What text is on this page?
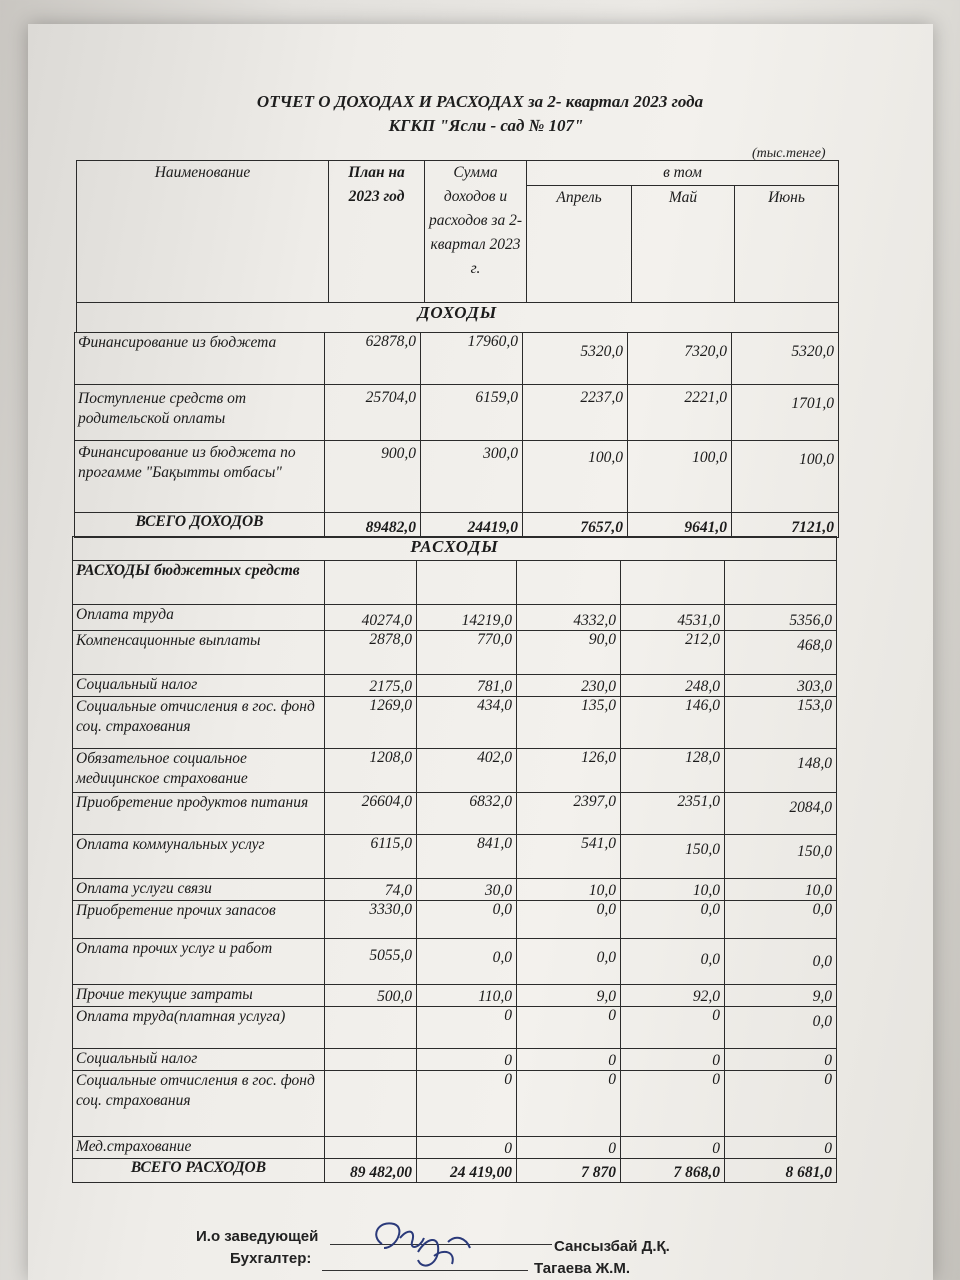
ОТЧЕТ О ДОХОДАХ И РАСХОДАХ за 2- квартал 2023 года
КГКП "Ясли - сад № 107"
(тыс.тенге)
Наименование	План на 2023 год	Сумма доходов и расходов за 2- квартал 2023 г.	в том		
			Апрель	Май	Июнь
ДОХОДЫ					
Финансирование из бюджета	62878,0	17960,0	5320,0	7320,0	5320,0
Поступление средств от родительской оплаты	25704,0	6159,0	2237,0	2221,0	1701,0
Финансирование из бюджета по прогамме "Бақытты отбасы"	900,0	300,0	100,0	100,0	100,0
ВСЕГО ДОХОДОВ	89482,0	24419,0	7657,0	9641,0	7121,0
РАСХОДЫ					
РАСХОДЫ бюджетных средств					
Оплата труда	40274,0	14219,0	4332,0	4531,0	5356,0
Компенсационные выплаты	2878,0	770,0	90,0	212,0	468,0
Социальный налог	2175,0	781,0	230,0	248,0	303,0
Социальные отчисления в гос. фонд соц. страхования	1269,0	434,0	135,0	146,0	153,0
Обязательное социальное медицинское страхование	1208,0	402,0	126,0	128,0	148,0
Приобретение продуктов питания	26604,0	6832,0	2397,0	2351,0	2084,0
Оплата коммунальных услуг	6115,0	841,0	541,0	150,0	150,0
Оплата услуги связи	74,0	30,0	10,0	10,0	10,0
Приобретение прочих запасов	3330,0	0,0	0,0	0,0	0,0
Оплата прочих услуг и работ	5055,0	0,0	0,0	0,0	0,0
Прочие текущие затраты	500,0	110,0	9,0	92,0	9,0
Оплата труда(платная услуга)		0	0	0	0,0
Социальный налог		0	0	0	0
Социальные отчисления в гос. фонд соц. страхования		0	0	0	0
Мед.страхование		0	0	0	0
ВСЕГО РАСХОДОВ	89 482,00	24 419,00	7 870	7 868,0	8 681,0
И.о заведующей
Сансызбай Д.Қ.
Бухгалтер:
Тагаева Ж.М.
